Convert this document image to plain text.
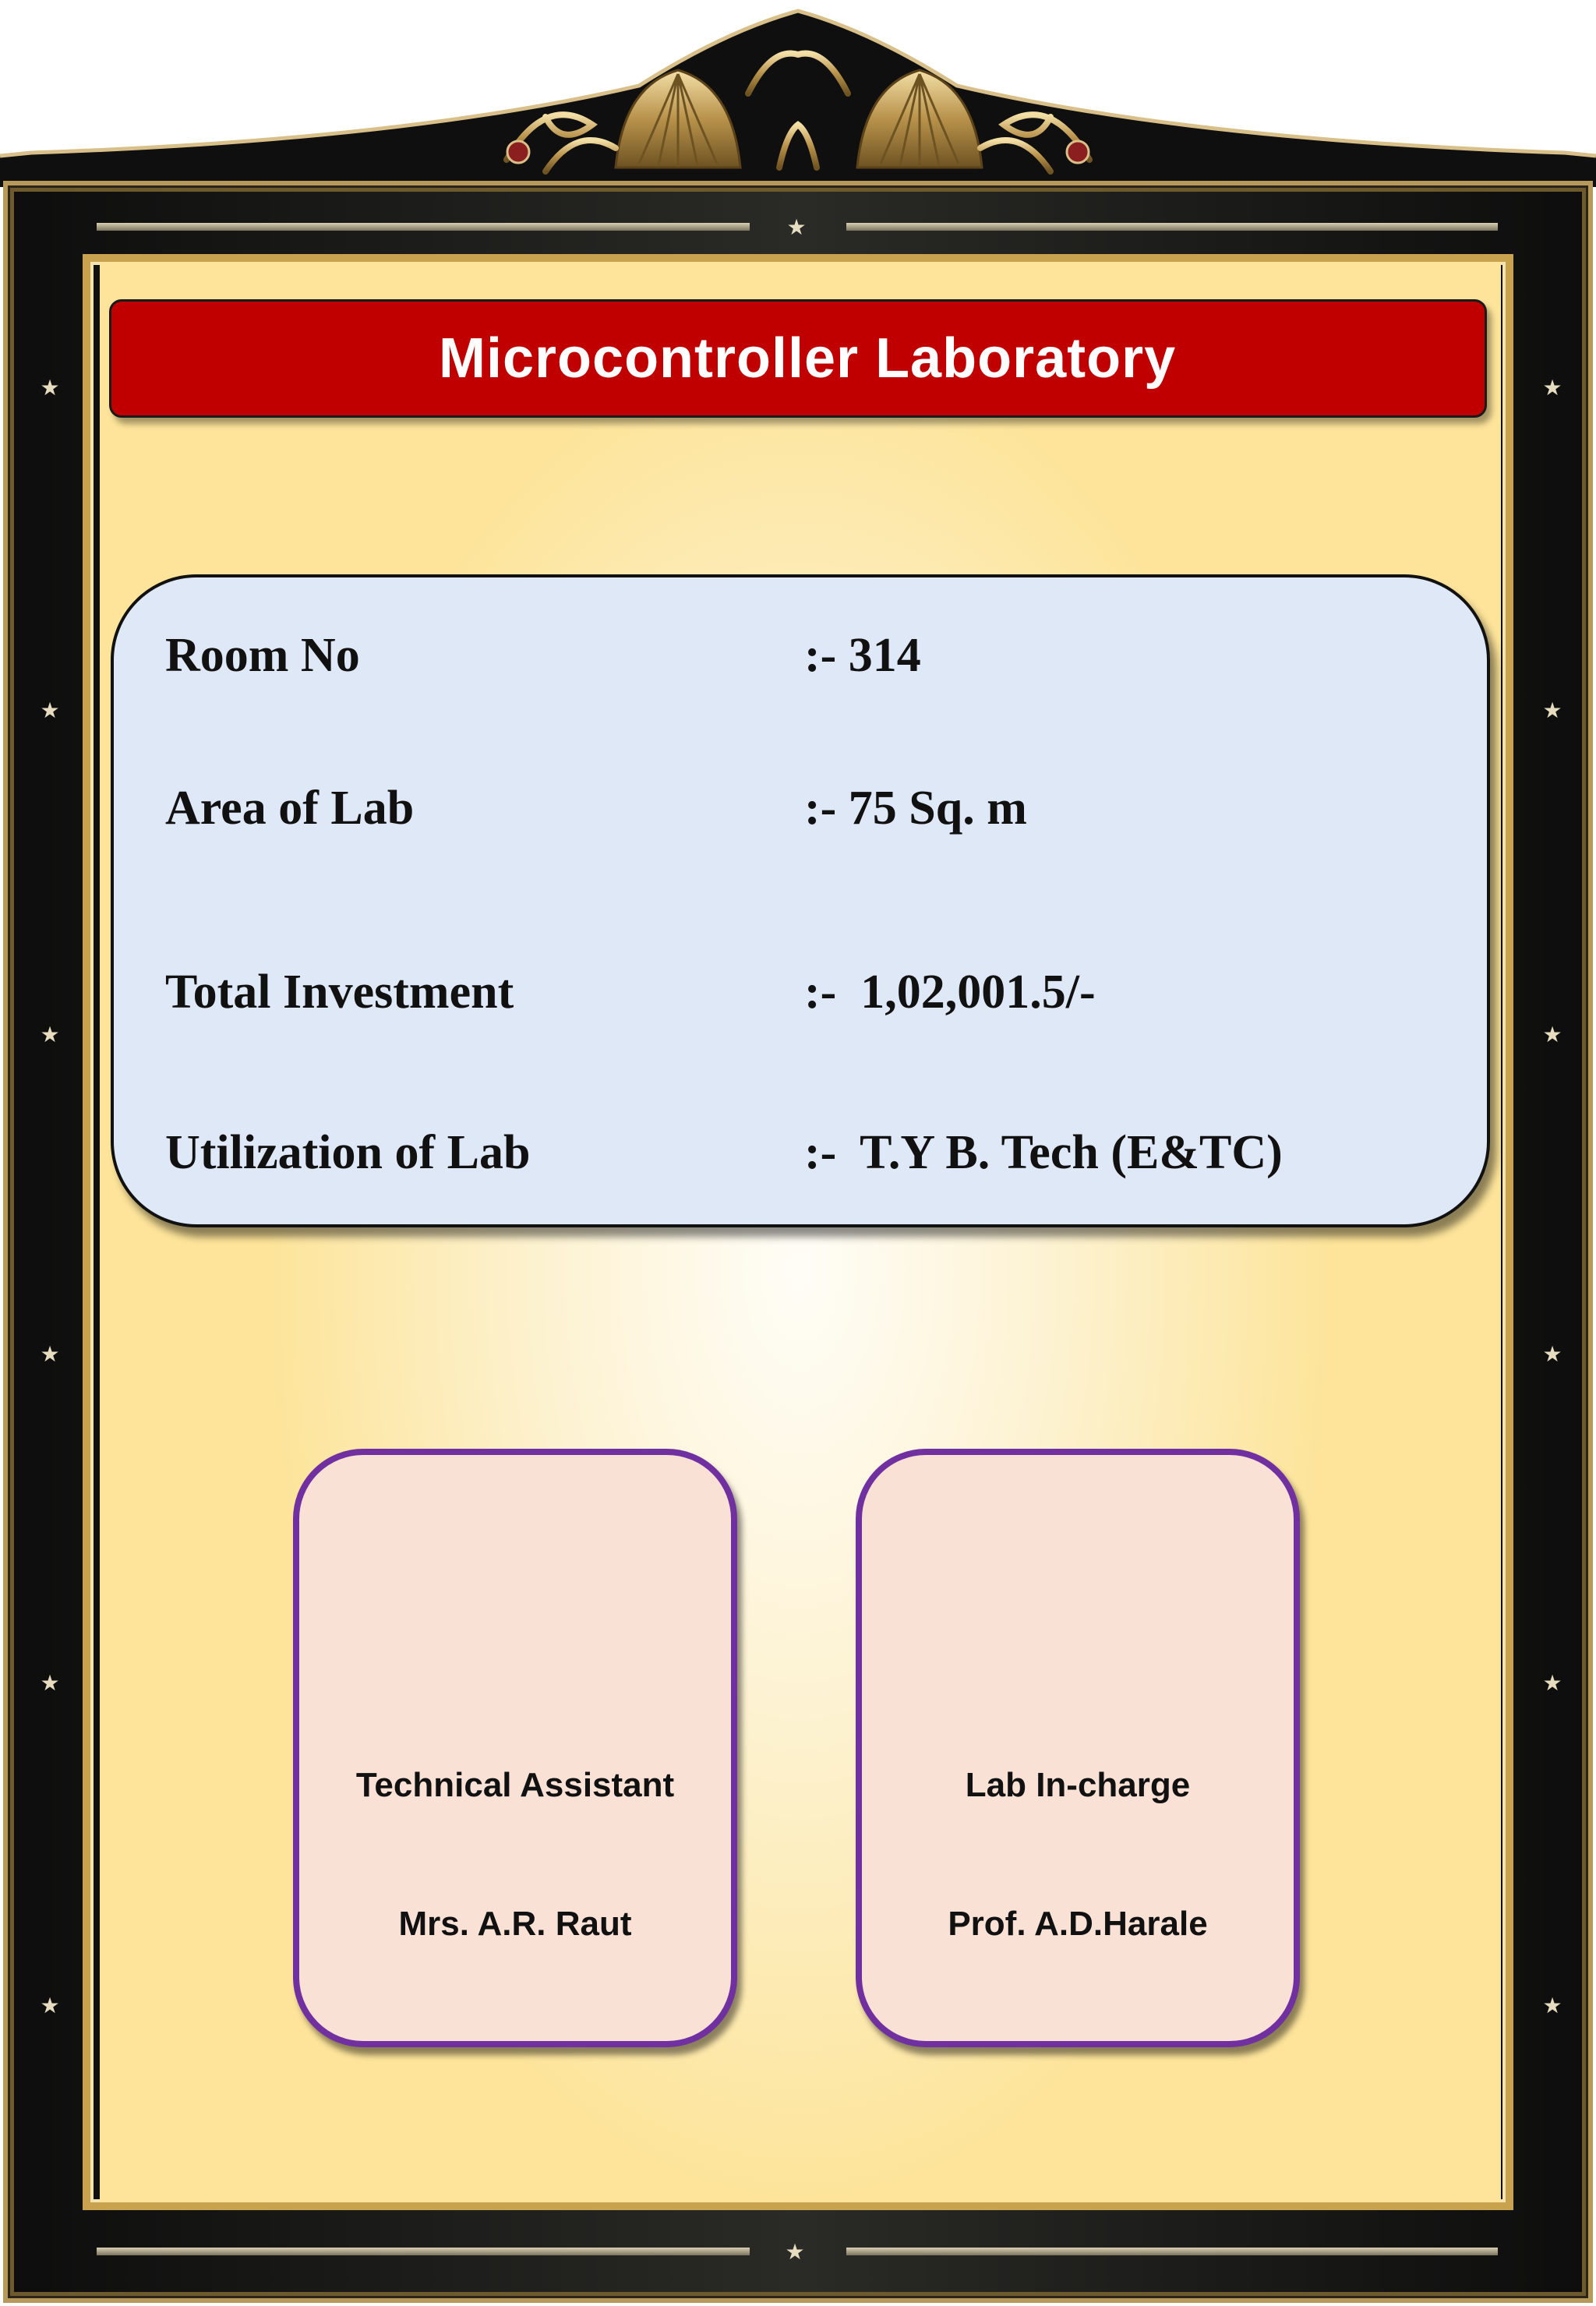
★
★
★
★
★
★
★
★
★
★
★
★
★
★
Microcontroller Laboratory
Room No	:- 314
Area of Lab	:- 75 Sq. m
Total Investment	:-  1,02,001.5/-
Utilization of Lab	:-  T.Y B. Tech (E&TC)
Technical Assistant
Mrs. A.R. Raut
Lab In-charge
Prof. A.D.Harale
